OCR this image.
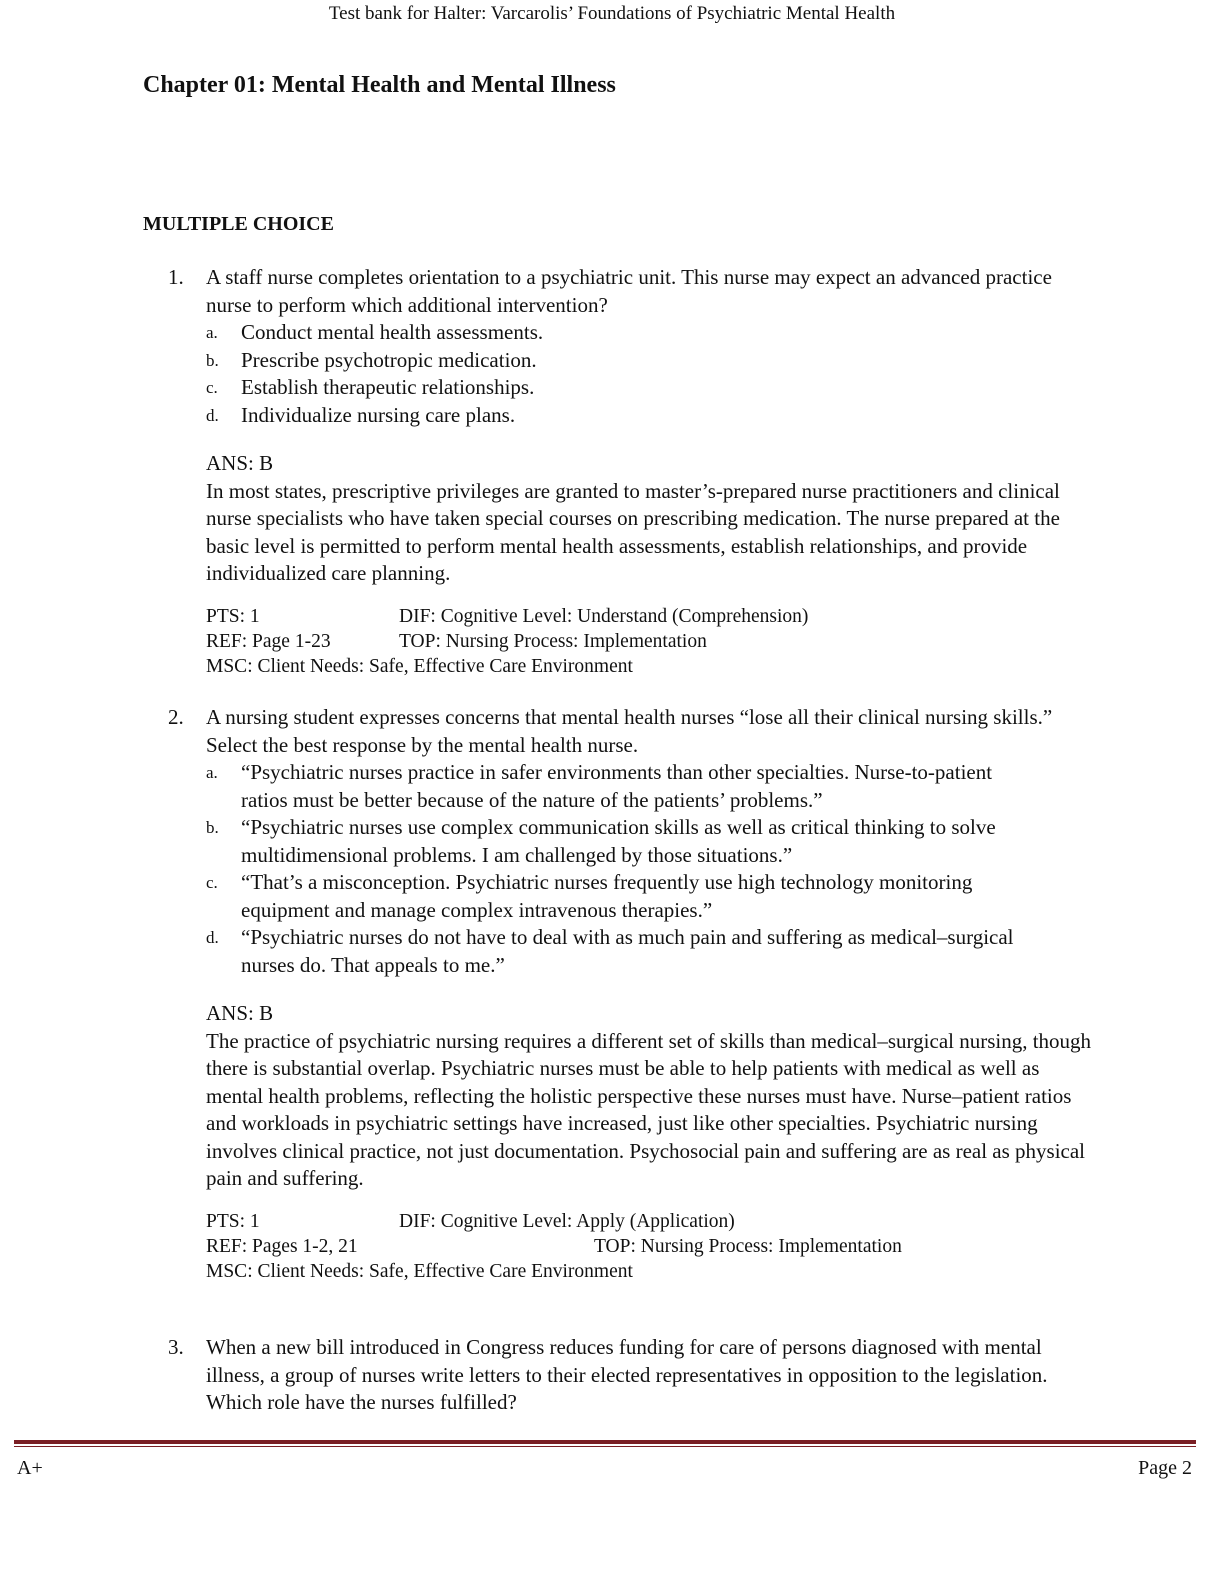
Test bank for Halter: Varcarolis’ Foundations of Psychiatric Mental Health
Chapter 01: Mental Health and Mental Illness
MULTIPLE CHOICE
1. A staff nurse completes orientation to a psychiatric unit. This nurse may expect an advanced practice nurse to perform which additional intervention?
a. Conduct mental health assessments.
b. Prescribe psychotropic medication.
c. Establish therapeutic relationships.
d. Individualize nursing care plans.
ANS: B
In most states, prescriptive privileges are granted to master’s-prepared nurse practitioners and clinical nurse specialists who have taken special courses on prescribing medication. The nurse prepared at the basic level is permitted to perform mental health assessments, establish relationships, and provide individualized care planning.
PTS: 1	DIF: Cognitive Level: Understand (Comprehension)
REF: Page 1-23	TOP: Nursing Process: Implementation
MSC: Client Needs: Safe, Effective Care Environment
2. A nursing student expresses concerns that mental health nurses “lose all their clinical nursing skills.” Select the best response by the mental health nurse.
a. “Psychiatric nurses practice in safer environments than other specialties. Nurse-to-patient ratios must be better because of the nature of the patients’ problems.”
b. “Psychiatric nurses use complex communication skills as well as critical thinking to solve multidimensional problems. I am challenged by those situations.”
c. “That’s a misconception. Psychiatric nurses frequently use high technology monitoring equipment and manage complex intravenous therapies.”
d. “Psychiatric nurses do not have to deal with as much pain and suffering as medical–surgical nurses do. That appeals to me.”
ANS: B
The practice of psychiatric nursing requires a different set of skills than medical–surgical nursing, though there is substantial overlap. Psychiatric nurses must be able to help patients with medical as well as mental health problems, reflecting the holistic perspective these nurses must have. Nurse–patient ratios and workloads in psychiatric settings have increased, just like other specialties. Psychiatric nursing involves clinical practice, not just documentation. Psychosocial pain and suffering are as real as physical pain and suffering.
PTS: 1	DIF: Cognitive Level: Apply (Application)
REF: Pages 1-2, 21	TOP: Nursing Process: Implementation
MSC: Client Needs: Safe, Effective Care Environment
3. When a new bill introduced in Congress reduces funding for care of persons diagnosed with mental illness, a group of nurses write letters to their elected representatives in opposition to the legislation. Which role have the nurses fulfilled?
A+	Page 2
